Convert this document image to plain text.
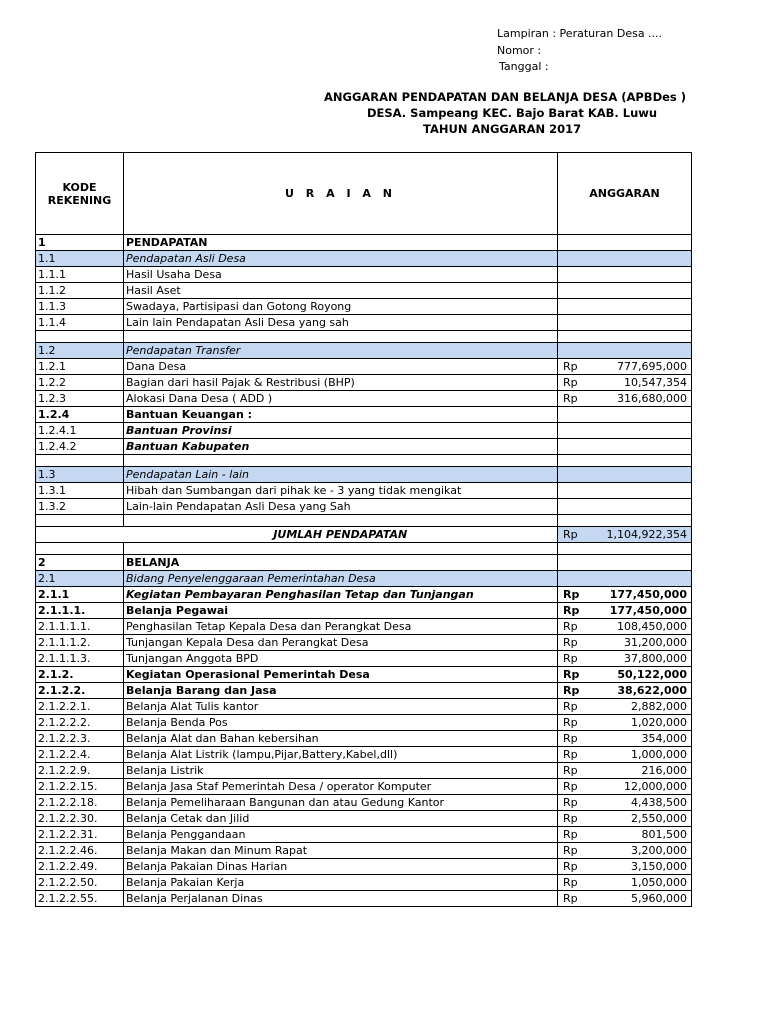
Lampiran : Peraturan Desa ....
Nomor :
Tanggal :
ANGGARAN PENDAPATAN DAN BELANJA DESA (APBDes )
DESA. Sampeang KEC. Bajo Barat KAB. Luwu
TAHUN ANGGARAN 2017
KODE REKENING	U R A I A N	ANGGARAN
1	PENDAPATAN	
1.1	Pendapatan Asli Desa	
1.1.1	Hasil Usaha Desa	
1.1.2	Hasil Aset	
1.1.3	Swadaya, Partisipasi dan Gotong Royong	
1.1.4	Lain lain Pendapatan Asli Desa yang sah	

1.2	Pendapatan Transfer	
1.2.1	Dana Desa	Rp 777,695,000

1.2.2	Bagian dari hasil Pajak & Restribusi (BHP)	Rp 10,547,354

1.2.3	Alokasi Dana Desa ( ADD )	Rp 316,680,000

1.2.4	Bantuan Keuangan :	
1.2.4.1	Bantuan Provinsi	
1.2.4.2	Bantuan Kabupaten	

1.3	Pendapatan Lain - lain	
1.3.1	Hibah dan Sumbangan dari pihak ke - 3 yang tidak mengikat	
1.3.2	Lain-lain Pendapatan Asli Desa yang Sah	

	JUMLAH PENDAPATAN	Rp 1,104,922,354

2	BELANJA	
2.1	Bidang Penyelenggaraan Pemerintahan Desa	
2.1.1	Kegiatan Pembayaran Penghasilan Tetap dan Tunjangan	Rp 177,450,000

2.1.1.1.	Belanja Pegawai	Rp 177,450,000

2.1.1.1.1.	Penghasilan Tetap Kepala Desa dan Perangkat Desa	Rp 108,450,000

2.1.1.1.2.	Tunjangan Kepala Desa dan Perangkat Desa	Rp 31,200,000

2.1.1.1.3.	Tunjangan Anggota BPD	Rp 37,800,000

2.1.2.	Kegiatan Operasional Pemerintah Desa	Rp 50,122,000

2.1.2.2.	Belanja Barang dan Jasa	Rp 38,622,000

2.1.2.2.1.	Belanja Alat Tulis kantor	Rp 2,882,000

2.1.2.2.2.	Belanja Benda Pos	Rp 1,020,000

2.1.2.2.3.	Belanja Alat dan Bahan kebersihan	Rp 354,000

2.1.2.2.4.	Belanja Alat Listrik (lampu,Pijar,Battery,Kabel,dll)	Rp 1,000,000

2.1.2.2.9.	Belanja Listrik	Rp 216,000

2.1.2.2.15.	Belanja Jasa Staf Pemerintah Desa / operator Komputer	Rp 12,000,000

2.1.2.2.18.	Belanja Pemeliharaan Bangunan dan atau Gedung Kantor	Rp 4,438,500

2.1.2.2.30.	Belanja Cetak dan Jilid	Rp 2,550,000

2.1.2.2.31.	Belanja Penggandaan	Rp 801,500

2.1.2.2.46.	Belanja Makan dan Minum Rapat	Rp 3,200,000

2.1.2.2.49.	Belanja Pakaian Dinas Harian	Rp 3,150,000

2.1.2.2.50.	Belanja Pakaian Kerja	Rp 1,050,000

2.1.2.2.55.	Belanja Perjalanan Dinas	Rp 5,960,000
